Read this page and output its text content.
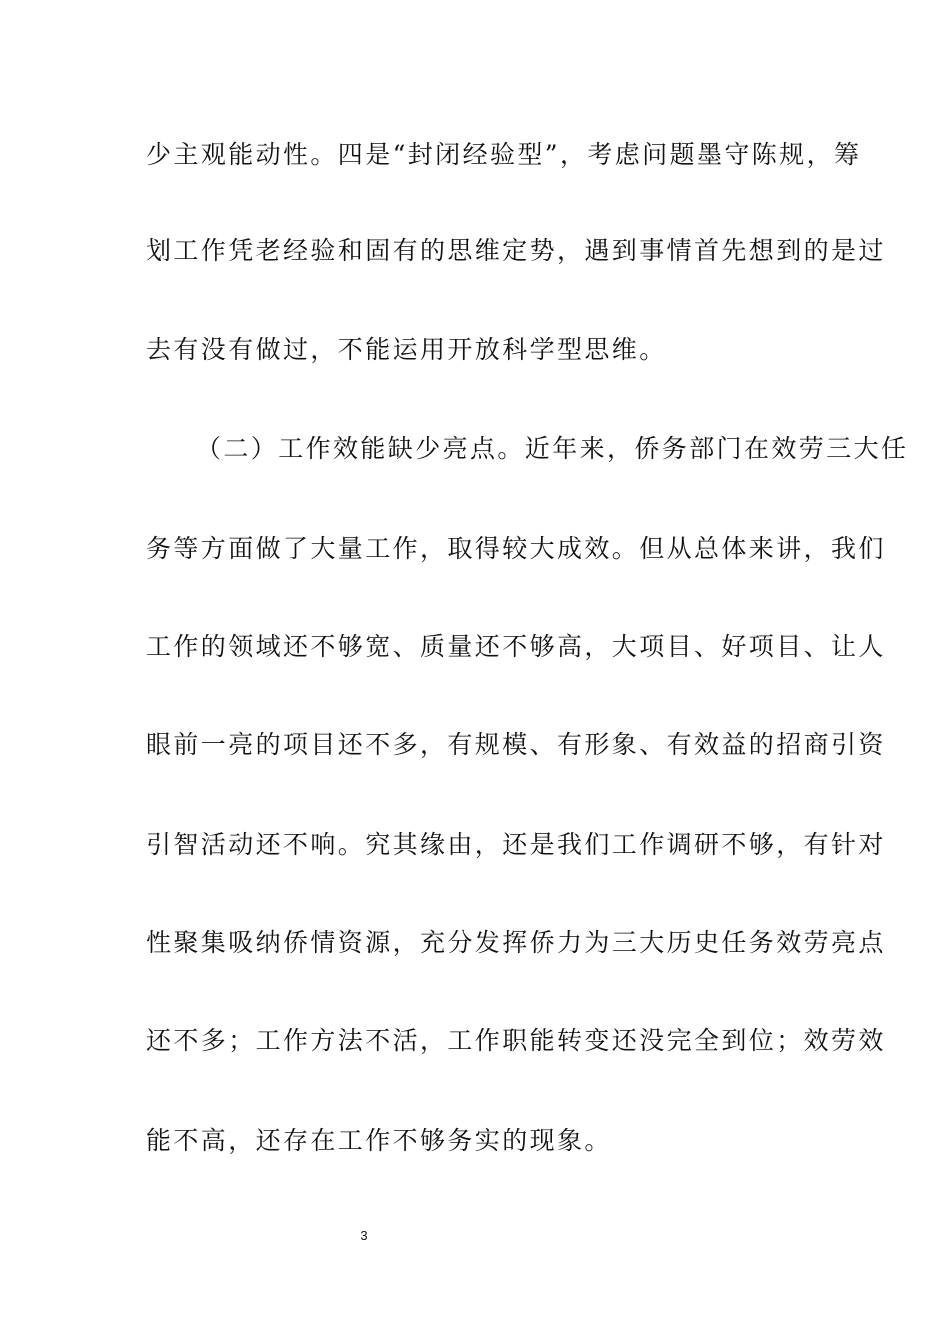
少主观能动性。四是“封闭经验型”，考虑问题墨守陈规，筹
划工作凭老经验和固有的思维定势，遇到事情首先想到的是过
去有没有做过，不能运用开放科学型思维。
（二）工作效能缺少亮点。近年来，侨务部门在效劳三大任
务等方面做了大量工作，取得较大成效。但从总体来讲，我们
工作的领域还不够宽、质量还不够高，大项目、好项目、让人
眼前一亮的项目还不多，有规模、有形象、有效益的招商引资
引智活动还不响。究其缘由，还是我们工作调研不够，有针对
性聚集吸纳侨情资源，充分发挥侨力为三大历史任务效劳亮点
还不多；工作方法不活，工作职能转变还没完全到位；效劳效
能不高，还存在工作不够务实的现象。
3
